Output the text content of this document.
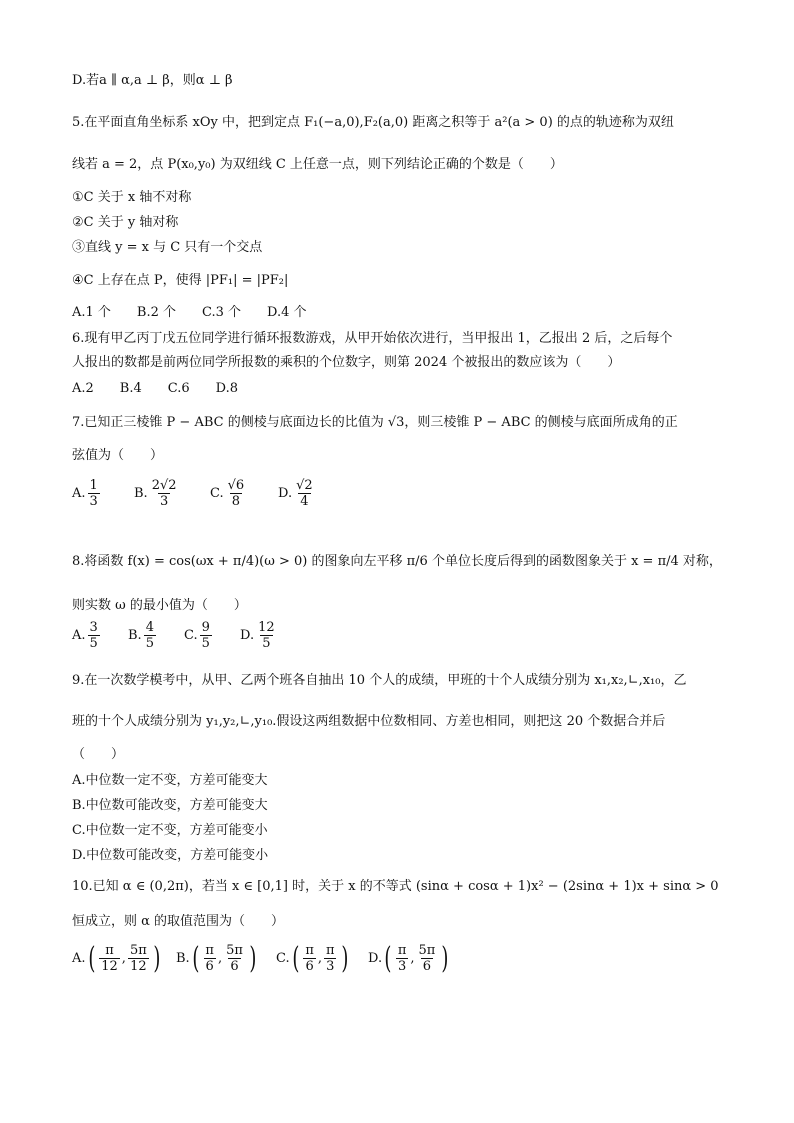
D.若a ∥ α,a ⊥ β，则α ⊥ β
5.在平面直角坐标系 xOy 中，把到定点 F₁(−a,0),F₂(a,0) 距离之积等于 a²(a > 0) 的点的轨迹称为双纽
线若 a = 2，点 P(x₀,y₀) 为双纽线 C 上任意一点，则下列结论正确的个数是（　　）
①C 关于 x 轴不对称
②C 关于 y 轴对称
③直线 y = x 与 C 只有一个交点
④C 上存在点 P，使得 |PF₁| = |PF₂|
A.1 个　　B.2 个　　C.3 个　　D.4 个
6.现有甲乙丙丁戊五位同学进行循环报数游戏，从甲开始依次进行，当甲报出 1，乙报出 2 后，之后每个
人报出的数都是前两位同学所报数的乘积的个位数字，则第 2024 个被报出的数应该为（　　）
A.2　　B.4　　C.6　　D.8
7.已知正三棱锥 P − ABC 的侧棱与底面边长的比值为 √3，则三棱锥 P − ABC 的侧棱与底面所成角的正
弦值为（　　）
A. $\frac{1}{3}$	B. $\frac{2√2}{3} C$. $\frac{√6}{8} D$. $\frac{√2}{4}$
8.将函数 f(x) = cos(ωx + π/4)(ω > 0) 的图象向左平移 π/6 个单位长度后得到的函数图象关于 x = π/4 对称，
则实数 ω 的最小值为（　　）
A. $\frac{3}{5} B$. $\frac{4}{5} C$. $\frac{9}{5} D$. $\frac{12}{5}$
9.在一次数学模考中，从甲、乙两个班各自抽出 10 个人的成绩，甲班的十个人成绩分别为 x₁,x₂,∟,x₁₀，乙
班的十个人成绩分别为 y₁,y₂,∟,y₁₀.假设这两组数据中位数相同、方差也相同，则把这 20 个数据合并后
（　　）
A.中位数一定不变，方差可能变大
B.中位数可能改变，方差可能变大
C.中位数一定不变，方差可能变小
D.中位数可能改变，方差可能变小
10.已知 α ∈ (0,2π)，若当 x ∈ [0,1] 时，关于 x 的不等式 (sinα + cosα + 1)x² − (2sinα + 1)x + sinα > 0
恒成立，则 α 的取值范围为（　　）
A. ( $\frac{\pi}{12}$ , $\frac{5\pi}{12}$ ) B. ( $\frac{\pi}{6}$ , $\frac{5\pi}{6}$ ) C. ( $\frac{\pi}{6}$ , $\frac{\pi}{3}$ ) D. ( $\frac{\pi}{3}$ , $\frac{5\pi}{6}$ )
